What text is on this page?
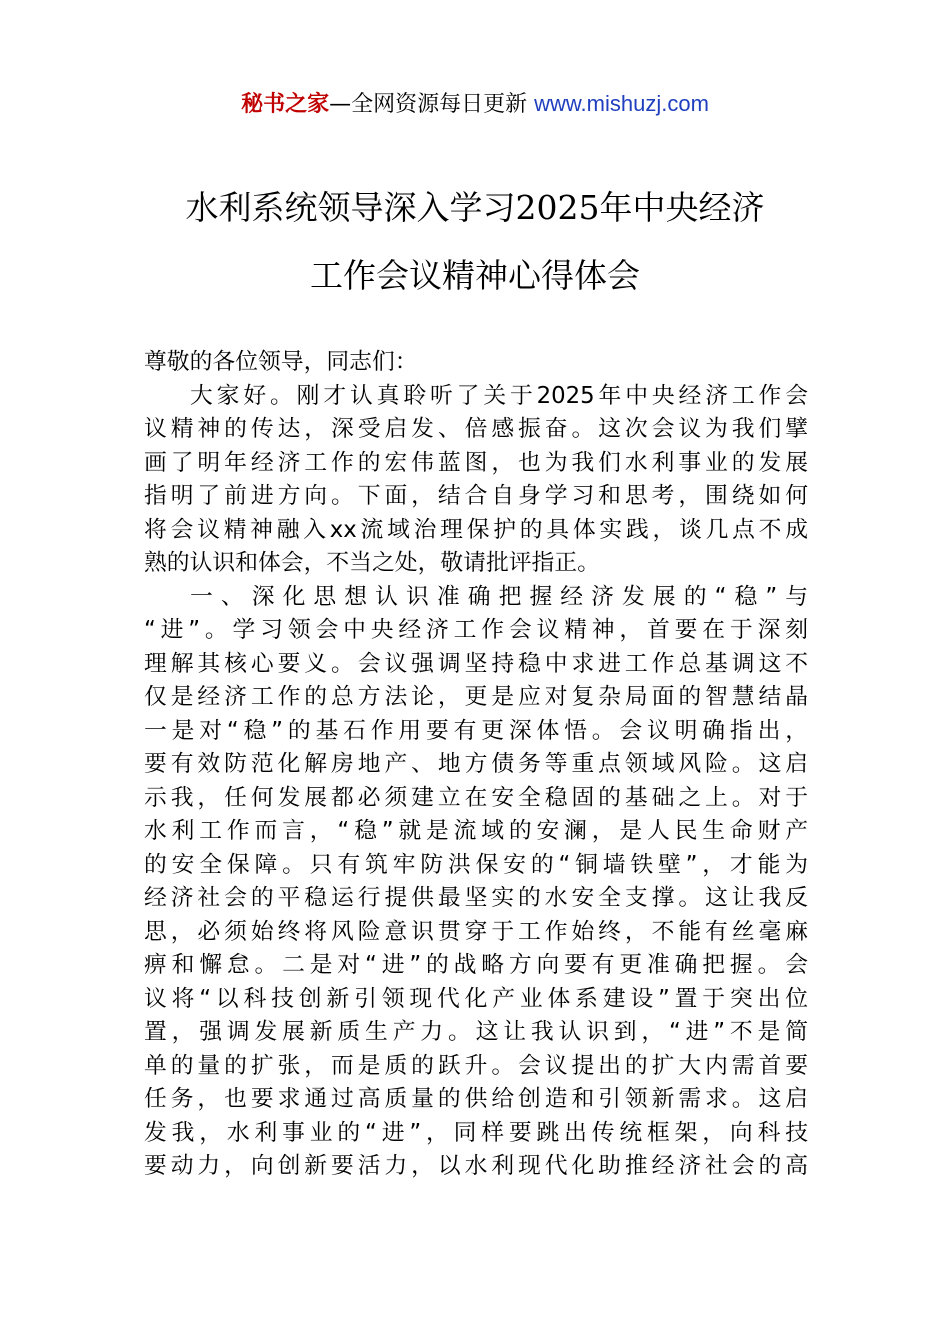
秘书之家—全网资源每日更新 www.mishuzj.com
水利系统领导深入学习2025年中央经济
工作会议精神心得体会
尊敬的各位领导，同志们：
大家好。刚才认真聆听了关于2025年中央经济工作会
议精神的传达，深受启发、倍感振奋。这次会议为我们擘
画了明年经济工作的宏伟蓝图，也为我们水利事业的发展
指明了前进方向。下面，结合自身学习和思考，围绕如何
将会议精神融入xx流域治理保护的具体实践，谈几点不成
熟的认识和体会，不当之处，敬请批评指正。
一、深化思想认识准确把握经济发展的“稳”与
“进”。学习领会中央经济工作会议精神，首要在于深刻
理解其核心要义。会议强调坚持稳中求进工作总基调这不
仅是经济工作的总方法论，更是应对复杂局面的智慧结晶
一是对“稳”的基石作用要有更深体悟。会议明确指出，
要有效防范化解房地产、地方债务等重点领域风险。这启
示我，任何发展都必须建立在安全稳固的基础之上。对于
水利工作而言，“稳”就是流域的安澜，是人民生命财产
的安全保障。只有筑牢防洪保安的“铜墙铁壁”，才能为
经济社会的平稳运行提供最坚实的水安全支撑。这让我反
思，必须始终将风险意识贯穿于工作始终，不能有丝毫麻
痹和懈怠。二是对“进”的战略方向要有更准确把握。会
议将“以科技创新引领现代化产业体系建设”置于突出位
置，强调发展新质生产力。这让我认识到，“进”不是简
单的量的扩张，而是质的跃升。会议提出的扩大内需首要
任务，也要求通过高质量的供给创造和引领新需求。这启
发我，水利事业的“进”，同样要跳出传统框架，向科技
要动力，向创新要活力，以水利现代化助推经济社会的高
